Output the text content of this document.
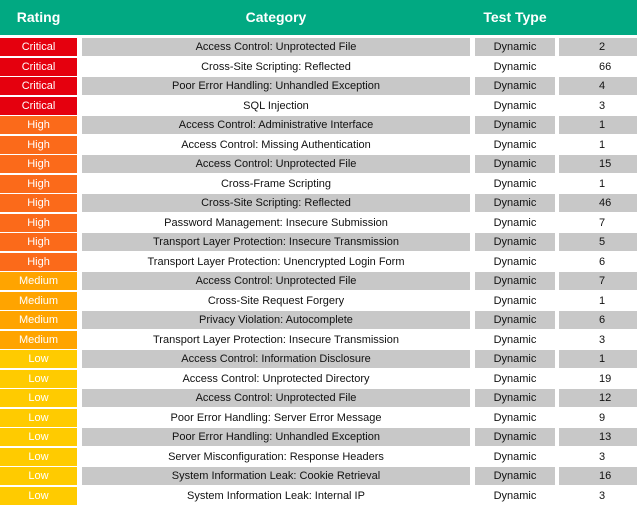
Rating	Category	Test Type
Critical	Access Control: Unprotected File	Dynamic	2
Critical	Cross-Site Scripting: Reflected	Dynamic	66
Critical	Poor Error Handling: Unhandled Exception	Dynamic	4
Critical	SQL Injection	Dynamic	3
High	Access Control: Administrative Interface	Dynamic	1
High	Access Control: Missing Authentication	Dynamic	1
High	Access Control: Unprotected File	Dynamic	15
High	Cross-Frame Scripting	Dynamic	1
High	Cross-Site Scripting: Reflected	Dynamic	46
High	Password Management: Insecure Submission	Dynamic	7
High	Transport Layer Protection: Insecure Transmission	Dynamic	5
High	Transport Layer Protection: Unencrypted Login Form	Dynamic	6
Medium	Access Control: Unprotected File	Dynamic	7
Medium	Cross-Site Request Forgery	Dynamic	1
Medium	Privacy Violation: Autocomplete	Dynamic	6
Medium	Transport Layer Protection: Insecure Transmission	Dynamic	3
Low	Access Control: Information Disclosure	Dynamic	1
Low	Access Control: Unprotected Directory	Dynamic	19
Low	Access Control: Unprotected File	Dynamic	12
Low	Poor Error Handling: Server Error Message	Dynamic	9
Low	Poor Error Handling: Unhandled Exception	Dynamic	13
Low	Server Misconfiguration: Response Headers	Dynamic	3
Low	System Information Leak: Cookie Retrieval	Dynamic	16
Low	System Information Leak: Internal IP	Dynamic	3
